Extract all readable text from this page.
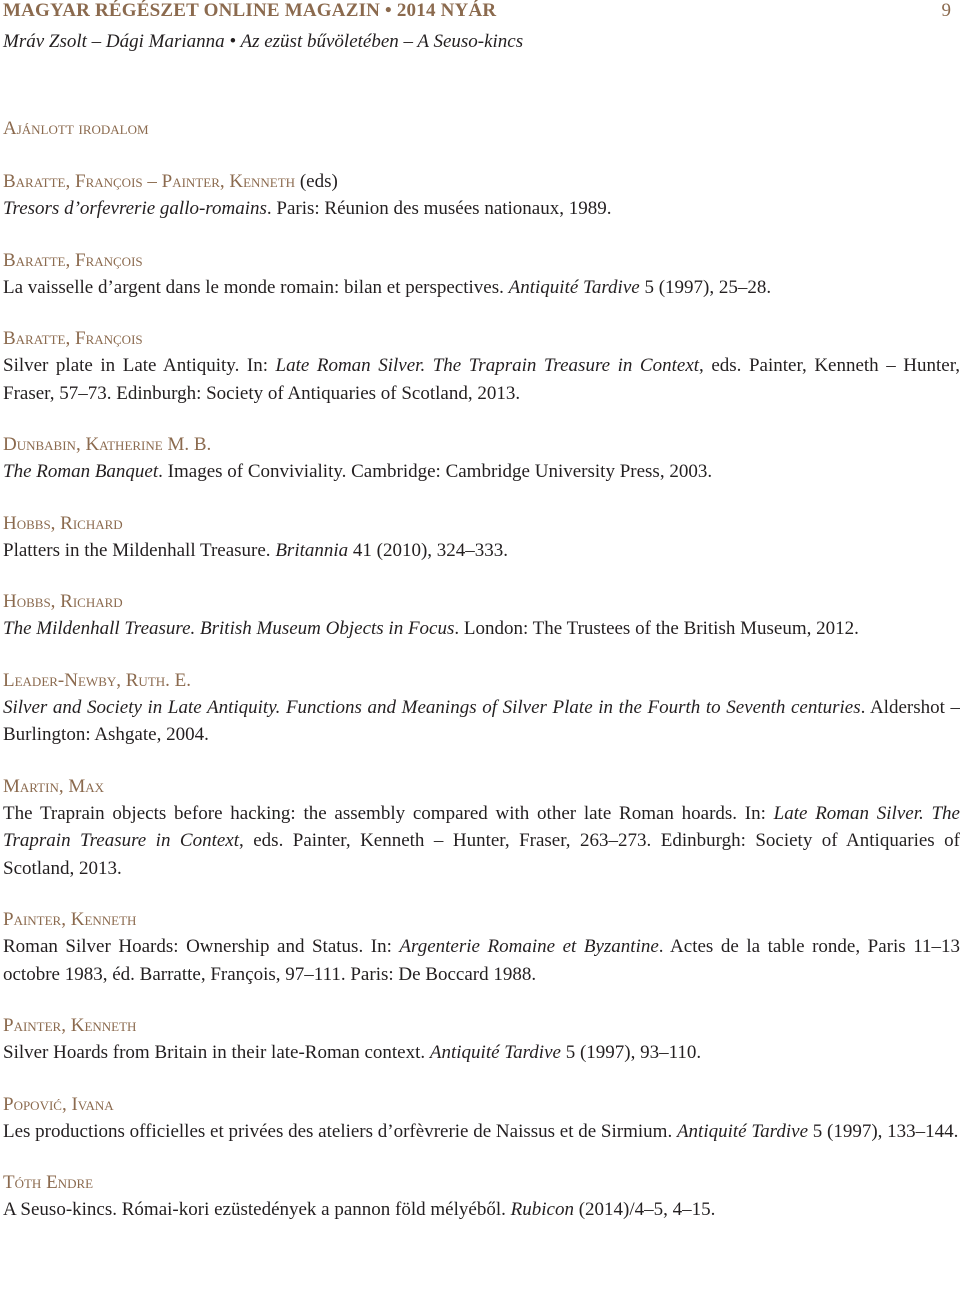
MAGYAR RÉGÉSZET ONLINE MAGAZIN • 2014 NYÁR	9
Mráv Zsolt – Dági Marianna • Az ezüst bűvöletében – A Seuso-kincs
Ajánlott irodalom
Baratte, François – Painter, Kenneth (eds)
Tresors d’orfevrerie gallo-romains. Paris: Réunion des musées nationaux, 1989.
Baratte, François
La vaisselle d’argent dans le monde romain: bilan et perspectives. Antiquité Tardive 5 (1997), 25–28.
Baratte, François
Silver plate in Late Antiquity. In: Late Roman Silver. The Traprain Treasure in Context, eds. Painter, Kenneth – Hunter, Fraser, 57–73. Edinburgh: Society of Antiquaries of Scotland, 2013.
Dunbabin, Katherine M. B.
The Roman Banquet. Images of Conviviality. Cambridge: Cambridge University Press, 2003.
Hobbs, Richard
Platters in the Mildenhall Treasure. Britannia 41 (2010), 324–333.
Hobbs, Richard
The Mildenhall Treasure. British Museum Objects in Focus. London: The Trustees of the British Museum, 2012.
Leader-Newby, Ruth. E.
Silver and Society in Late Antiquity. Functions and Meanings of Silver Plate in the Fourth to Seventh centuries. Aldershot – Burlington: Ashgate, 2004.
Martin, Max
The Traprain objects before hacking: the assembly compared with other late Roman hoards. In: Late Roman Silver. The Traprain Treasure in Context, eds. Painter, Kenneth – Hunter, Fraser, 263–273. Edinburgh: Society of Antiquaries of Scotland, 2013.
Painter, Kenneth
Roman Silver Hoards: Ownership and Status. In: Argenterie Romaine et Byzantine. Actes de la table ronde, Paris 11–13 octobre 1983, éd. Barratte, François, 97–111. Paris: De Boccard 1988.
Painter, Kenneth
Silver Hoards from Britain in their late-Roman context. Antiquité Tardive 5 (1997), 93–110.
Popović, Ivana
Les productions officielles et privées des ateliers d’orfèvrerie de Naissus et de Sirmium. Antiquité Tardive 5 (1997), 133–144.
Tóth Endre
A Seuso-kincs. Római-kori ezüstedények a pannon föld mélyéből. Rubicon (2014)/4–5, 4–15.
